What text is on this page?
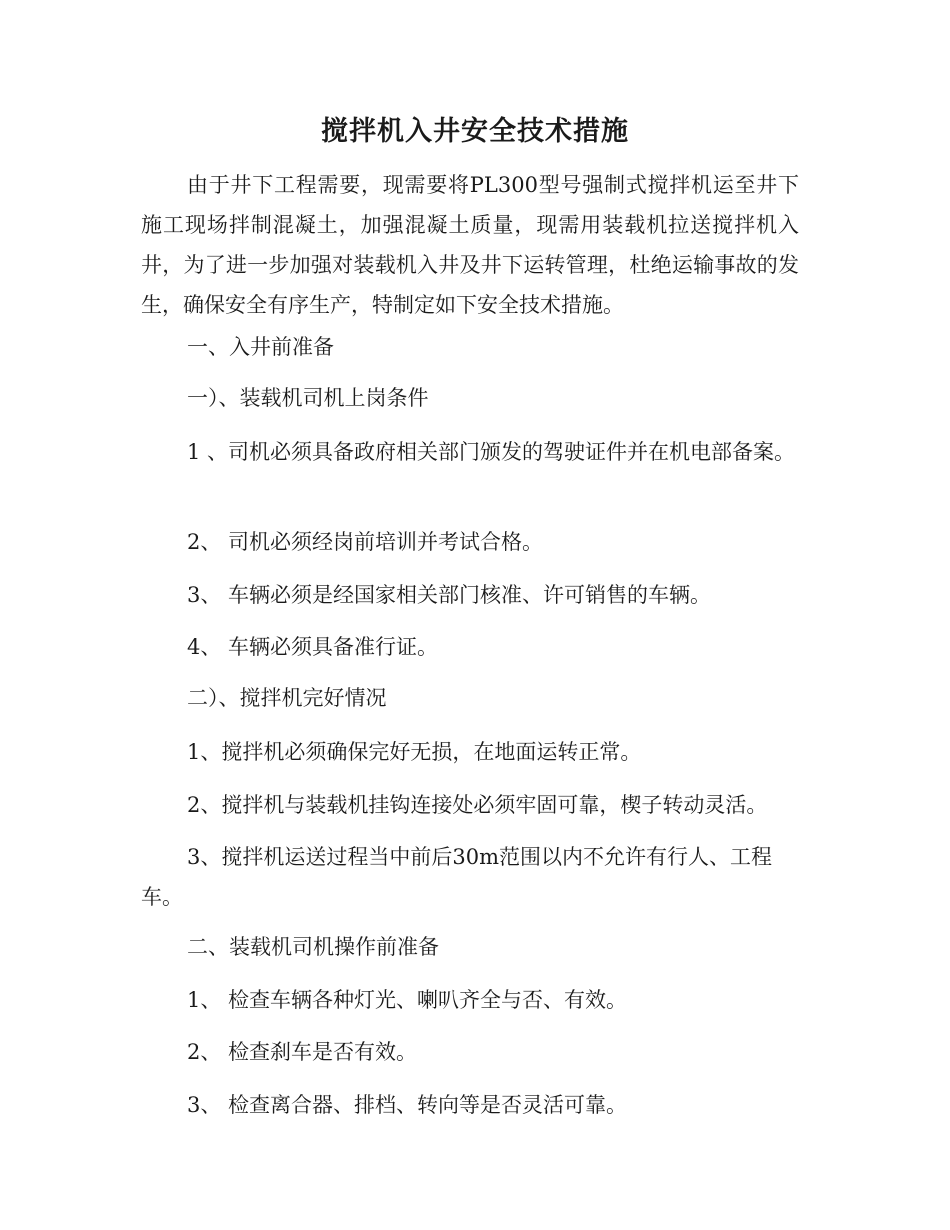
搅拌机入井安全技术措施

由于井下工程需要，现需要将PL300型号强制式搅拌机运至井下施工现场拌制混凝土，加强混凝土质量，现需用装载机拉送搅拌机入井，为了进一步加强对装载机入井及井下运转管理，杜绝运输事故的发生，确保安全有序生产，特制定如下安全技术措施。

一、入井前准备

一）、装载机司机上岗条件

1 、司机必须具备政府相关部门颁发的驾驶证件并在机电部备案。

2、 司机必须经岗前培训并考试合格。

3、 车辆必须是经国家相关部门核准、许可销售的车辆。

4、 车辆必须具备准行证。

二）、搅拌机完好情况

1、搅拌机必须确保完好无损，在地面运转正常。

2、搅拌机与装载机挂钩连接处必须牢固可靠，楔子转动灵活。

3、搅拌机运送过程当中前后30m范围以内不允许有行人、工程车。

二、装载机司机操作前准备

1、 检查车辆各种灯光、喇叭齐全与否、有效。

2、 检查刹车是否有效。

3、 检查离合器、排档、转向等是否灵活可靠。
